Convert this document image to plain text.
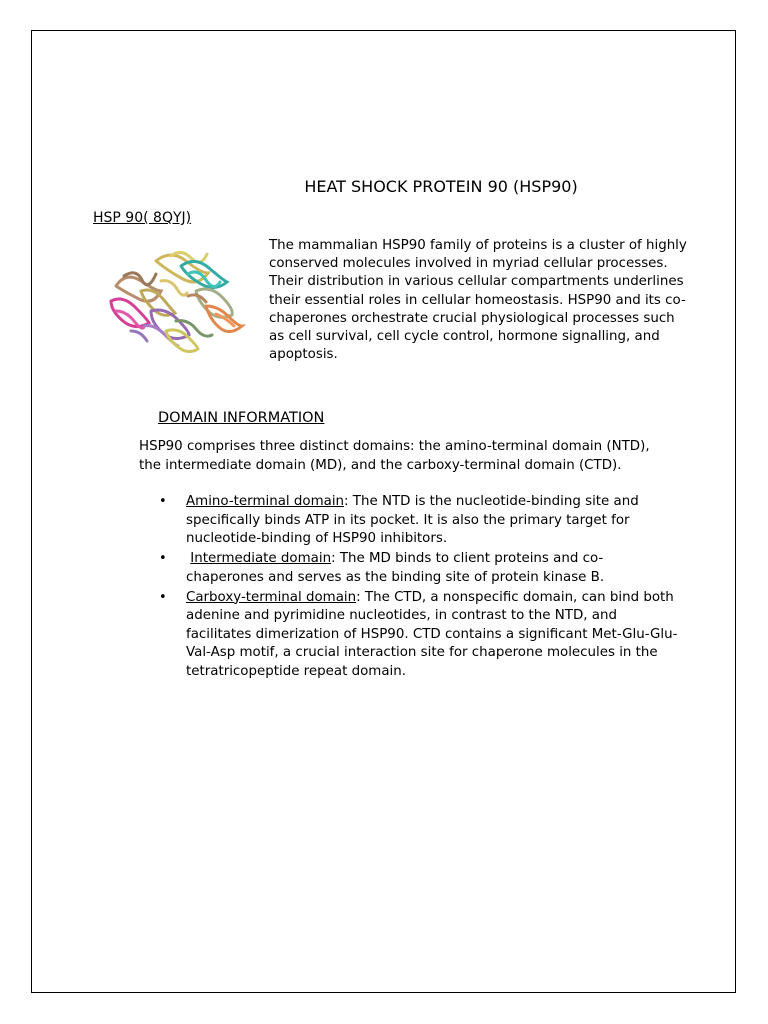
HEAT SHOCK PROTEIN 90 (HSP90)
HSP 90( 8QYJ)
The mammalian HSP90 family of proteins is a cluster of highly conserved molecules involved in myriad cellular processes. Their distribution in various cellular compartments underlines their essential roles in cellular homeostasis. HSP90 and its co-chaperones orchestrate crucial physiological processes such as cell survival, cell cycle control, hormone signalling, and apoptosis.
DOMAIN INFORMATION
HSP90 comprises three distinct domains: the amino-terminal domain (NTD), the intermediate domain (MD), and the carboxy-terminal domain (CTD).
• Amino-terminal domain: The NTD is the nucleotide-binding site and specifically binds ATP in its pocket. It is also the primary target for nucleotide-binding of HSP90 inhibitors.
• Intermediate domain: The MD binds to client proteins and co-chaperones and serves as the binding site of protein kinase B.
• Carboxy-terminal domain: The CTD, a nonspecific domain, can bind both adenine and pyrimidine nucleotides, in contrast to the NTD, and facilitates dimerization of HSP90. CTD contains a significant Met-Glu-Glu-Val-Asp motif, a crucial interaction site for chaperone molecules in the tetratricopeptide repeat domain.
